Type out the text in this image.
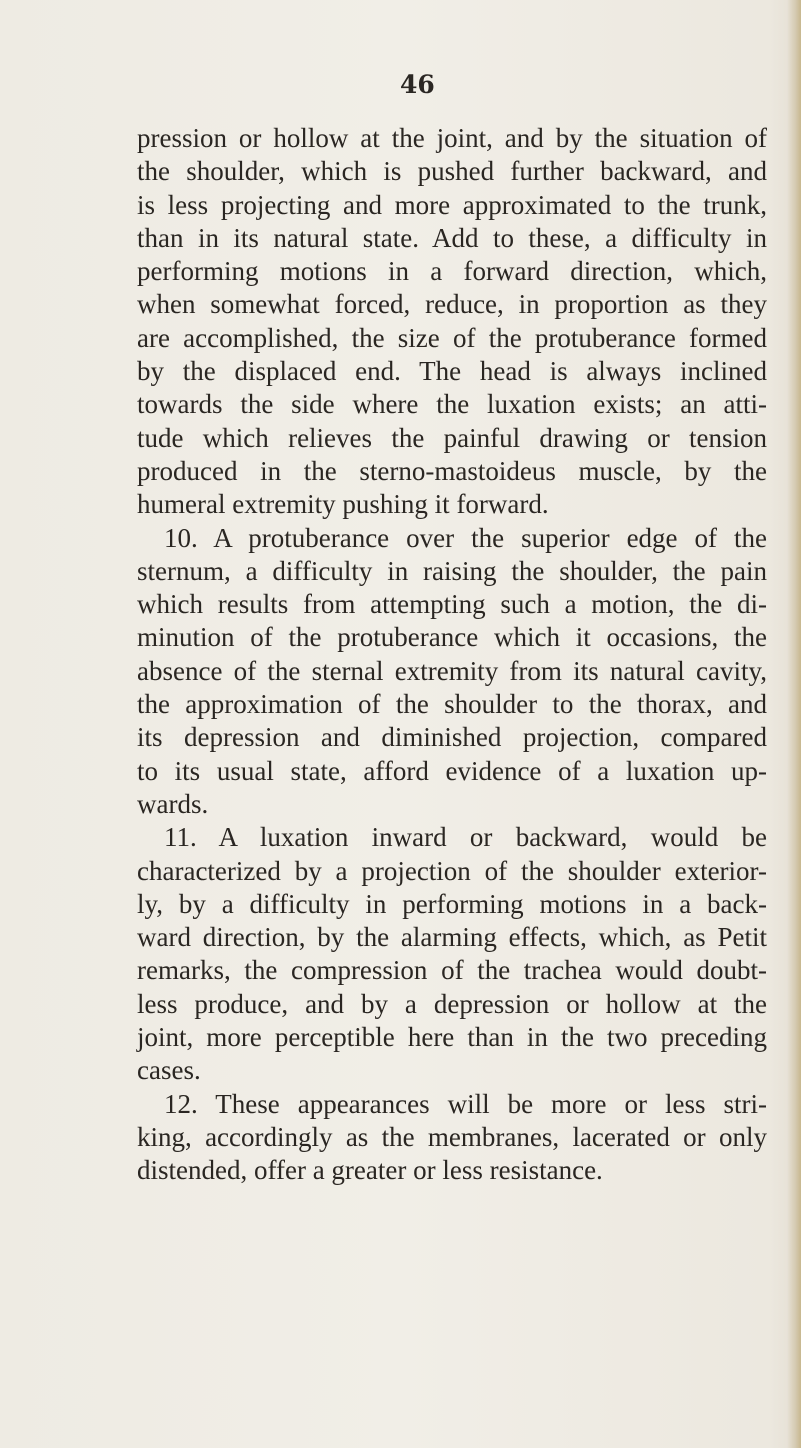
46

pression or hollow at the joint, and by the situation of

the shoulder, which is pushed further backward, and

is less projecting and more approximated to the trunk,

than in its natural state. Add to these, a difficulty in

performing motions in a forward direction, which,

when somewhat forced, reduce, in proportion as they

are accomplished, the size of the protuberance formed

by the displaced end. The head is always inclined

towards the side where the luxation exists; an atti-

tude which relieves the painful drawing or tension

produced in the sterno-mastoideus muscle, by the

humeral extremity pushing it forward.

10. A protuberance over the superior edge of the

sternum, a difficulty in raising the shoulder, the pain

which results from attempting such a motion, the di-

minution of the protuberance which it occasions, the

absence of the sternal extremity from its natural cavity,

the approximation of the shoulder to the thorax, and

its depression and diminished projection, compared

to its usual state, afford evidence of a luxation up-

wards.

11. A luxation inward or backward, would be

characterized by a projection of the shoulder exterior-

ly, by a difficulty in performing motions in a back-

ward direction, by the alarming effects, which, as Petit

remarks, the compression of the trachea would doubt-

less produce, and by a depression or hollow at the

joint, more perceptible here than in the two preceding

cases.

12. These appearances will be more or less stri-

king, accordingly as the membranes, lacerated or only

distended, offer a greater or less resistance.
